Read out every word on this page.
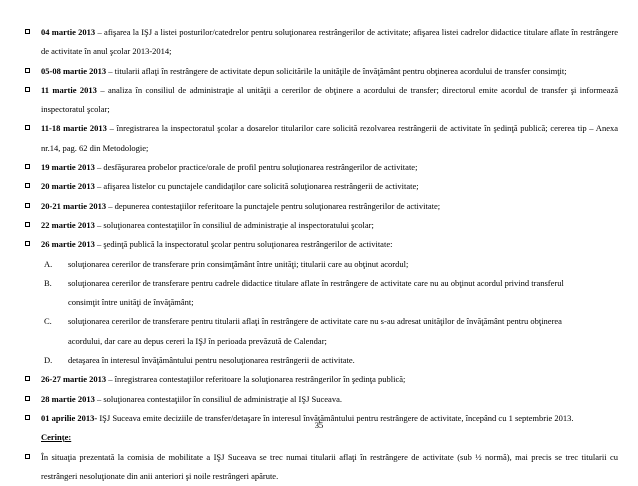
04 martie 2013 – afişarea la IŞJ a listei posturilor/catedrelor pentru soluţionarea restrângerilor de activitate; afişarea listei cadrelor didactice titulare aflate în restrângere de activitate în anul şcolar 2013-2014;
05-08 martie 2013 – titularii aflaţi în restrângere de activitate depun solicitările la unităţile de învăţământ pentru obţinerea acordului de transfer consimţit;
11 martie 2013 – analiza în consiliul de administraţie al unităţii a cererilor de obţinere a acordului de transfer; directorul emite acordul de transfer şi informează inspectoratul şcolar;
11-18 martie 2013 – înregistrarea la inspectoratul şcolar a dosarelor titularilor care solicită rezolvarea restrângerii de activitate în şedinţă publică; cererea tip – Anexa nr.14, pag. 62 din Metodologie;
19 martie 2013 – desfăşurarea probelor practice/orale de profil pentru soluţionarea restrângerilor de activitate;
20 martie 2013 – afişarea listelor cu punctajele candidaţilor care solicită soluţionarea restrângerii de activitate;
20-21 martie 2013 – depunerea contestaţiilor referitoare la punctajele pentru soluţionarea restrângerilor de activitate;
22 martie 2013 – soluţionarea contestaţiilor în consiliul de administraţie al inspectoratului şcolar;
26 martie 2013 – şedinţă publică la inspectoratul şcolar pentru soluţionarea restrângerilor de activitate:
A. soluţionarea cererilor de transferare prin consimţământ între unităţi; titularii care au obţinut acordul;
B. soluţionarea cererilor de transferare pentru cadrele didactice titulare aflate în restrângere de activitate care nu au obţinut acordul privind transferul
consimţit între unităţi de învăţământ;
C. soluţionarea cererilor de transferare pentru titularii aflaţi în restrângere de activitate care nu s-au adresat unităţilor de învăţământ pentru obţinerea
acordului, dar care au depus cereri la IŞJ în perioada prevăzută de Calendar;
D. detaşarea în interesul învăţământului pentru nesoluţionarea restrângerii de activitate.
26-27 martie 2013 – înregistrarea contestaţiilor referitoare la soluţionarea restrângerilor în şedinţa publică;
28 martie 2013 – soluţionarea contestaţiilor în consiliul de administraţie al IŞJ Suceava.
01 aprilie 2013- IŞJ Suceava emite deciziile de transfer/detaşare în interesul învăţământului pentru restrângere de activitate, începând cu 1 septembrie 2013.
Cerinţe:
În situaţia prezentată la comisia de mobilitate a IŞJ Suceava se trec numai titularii aflaţi în restrângere de activitate (sub ½ normă), mai precis se trec titularii cu restrângeri nesoluţionate din anii anteriori şi noile restrângeri apărute.
35
